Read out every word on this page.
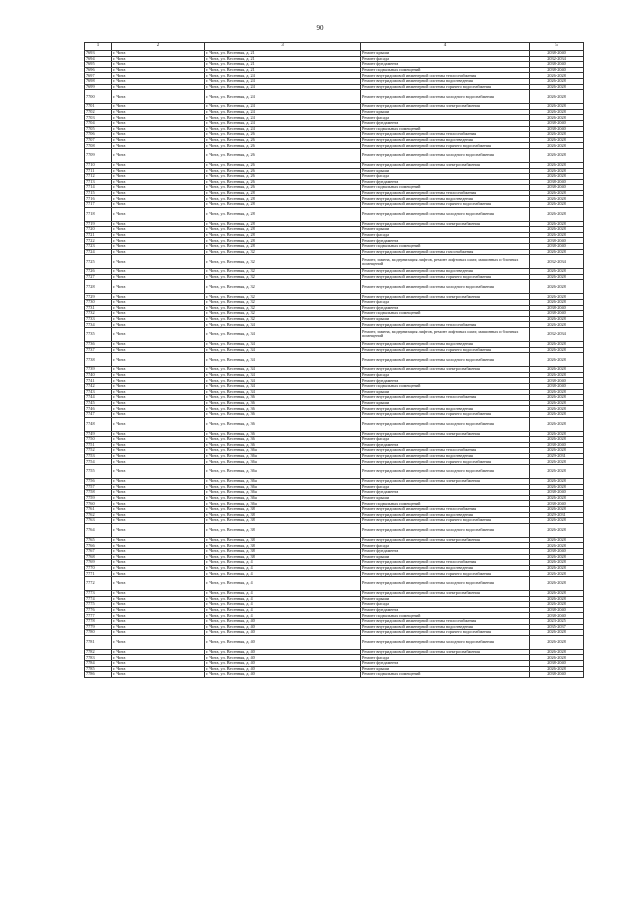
90
1	2	3	4	5
7693	г. Чита	г. Чита, ул. Весенняя, д. 21	Ремонт крыши	2038-2040
7694	г. Чита	г. Чита, ул. Весенняя, д. 21	Ремонт фасада	2032-2034
7695	г. Чита	г. Чита, ул. Весенняя, д. 21	Ремонт фундамента	2038-2040
7696	г. Чита	г. Чита, ул. Весенняя, д. 21	Ремонт подвальных помещений	2038-2040
7697	г. Чита	г. Чита, ул. Весенняя, д. 24	Ремонт внутридомовой инженерной системы теплоснабжения	2026-2028
7698	г. Чита	г. Чита, ул. Весенняя, д. 24	Ремонт внутридомовой инженерной системы водоотведения	2026-2028
7699	г. Чита	г. Чита, ул. Весенняя, д. 24	Ремонт внутридомовой инженерной системы горячего водоснабжения	2026-2028
7700	г. Чита	г. Чита, ул. Весенняя, д. 24	Ремонт внутридомовой инженерной системы холодного водоснабжения	2026-2028
7701	г. Чита	г. Чита, ул. Весенняя, д. 24	Ремонт внутридомовой инженерной системы электроснабжения	2026-2028
7702	г. Чита	г. Чита, ул. Весенняя, д. 24	Ремонт крыши	2026-2028
7703	г. Чита	г. Чита, ул. Весенняя, д. 24	Ремонт фасада	2026-2028
7704	г. Чита	г. Чита, ул. Весенняя, д. 24	Ремонт фундамента	2038-2040
7705	г. Чита	г. Чита, ул. Весенняя, д. 24	Ремонт подвальных помещений	2038-2040
7706	г. Чита	г. Чита, ул. Весенняя, д. 26	Ремонт внутридомовой инженерной системы теплоснабжения	2026-2028
7707	г. Чита	г. Чита, ул. Весенняя, д. 26	Ремонт внутридомовой инженерной системы водоотведения	2026-2028
7708	г. Чита	г. Чита, ул. Весенняя, д. 26	Ремонт внутридомовой инженерной системы горячего водоснабжения	2026-2028
7709	г. Чита	г. Чита, ул. Весенняя, д. 26	Ремонт внутридомовой инженерной системы холодного водоснабжения	2026-2028
7710	г. Чита	г. Чита, ул. Весенняя, д. 26	Ремонт внутридомовой инженерной системы электроснабжения	2026-2028
7711	г. Чита	г. Чита, ул. Весенняя, д. 26	Ремонт крыши	2026-2028
7712	г. Чита	г. Чита, ул. Весенняя, д. 26	Ремонт фасада	2026-2028
7713	г. Чита	г. Чита, ул. Весенняя, д. 26	Ремонт фундамента	2038-2040
7714	г. Чита	г. Чита, ул. Весенняя, д. 26	Ремонт подвальных помещений	2038-2040
7715	г. Чита	г. Чита, ул. Весенняя, д. 28	Ремонт внутридомовой инженерной системы теплоснабжения	2026-2028
7716	г. Чита	г. Чита, ул. Весенняя, д. 28	Ремонт внутридомовой инженерной системы водоотведения	2026-2028
7717	г. Чита	г. Чита, ул. Весенняя, д. 28	Ремонт внутридомовой инженерной системы горячего водоснабжения	2026-2028
7718	г. Чита	г. Чита, ул. Весенняя, д. 28	Ремонт внутридомовой инженерной системы холодного водоснабжения	2026-2028
7719	г. Чита	г. Чита, ул. Весенняя, д. 28	Ремонт внутридомовой инженерной системы электроснабжения	2026-2028
7720	г. Чита	г. Чита, ул. Весенняя, д. 28	Ремонт крыши	2026-2028
7721	г. Чита	г. Чита, ул. Весенняя, д. 28	Ремонт фасада	2026-2028
7722	г. Чита	г. Чита, ул. Весенняя, д. 28	Ремонт фундамента	2038-2040
7723	г. Чита	г. Чита, ул. Весенняя, д. 28	Ремонт подвальных помещений	2038-2040
7724	г. Чита	г. Чита, ул. Весенняя, д. 32	Ремонт внутридомовой инженерной системы газоснабжения	2026-2028
7725	г. Чита	г. Чита, ул. Весенняя, д. 32	Ремонт, замена, модернизация лифтов, ремонт лифтовых шахт, машинных и блочных помещений	2032-2034
7726	г. Чита	г. Чита, ул. Весенняя, д. 32	Ремонт внутридомовой инженерной системы водоотведения	2026-2028
7727	г. Чита	г. Чита, ул. Весенняя, д. 32	Ремонт внутридомовой инженерной системы горячего водоснабжения	2026-2028
7728	г. Чита	г. Чита, ул. Весенняя, д. 32	Ремонт внутридомовой инженерной системы холодного водоснабжения	2026-2028
7729	г. Чита	г. Чита, ул. Весенняя, д. 32	Ремонт внутридомовой инженерной системы электроснабжения	2026-2028
7730	г. Чита	г. Чита, ул. Весенняя, д. 32	Ремонт фасада	2026-2028
7731	г. Чита	г. Чита, ул. Весенняя, д. 32	Ремонт фундамента	2038-2040
7732	г. Чита	г. Чита, ул. Весенняя, д. 32	Ремонт подвальных помещений	2038-2040
7733	г. Чита	г. Чита, ул. Весенняя, д. 32	Ремонт крыши	2026-2028
7734	г. Чита	г. Чита, ул. Весенняя, д. 34	Ремонт внутридомовой инженерной системы теплоснабжения	2026-2028
7735	г. Чита	г. Чита, ул. Весенняя, д. 34	Ремонт, замена, модернизация лифтов, ремонт лифтовых шахт, машинных и блочных помещений	2032-2034
7736	г. Чита	г. Чита, ул. Весенняя, д. 34	Ремонт внутридомовой инженерной системы водоотведения	2026-2028
7737	г. Чита	г. Чита, ул. Весенняя, д. 34	Ремонт внутридомовой инженерной системы горячего водоснабжения	2026-2028
7738	г. Чита	г. Чита, ул. Весенняя, д. 34	Ремонт внутридомовой инженерной системы холодного водоснабжения	2026-2028
7739	г. Чита	г. Чита, ул. Весенняя, д. 34	Ремонт внутридомовой инженерной системы электроснабжения	2026-2028
7740	г. Чита	г. Чита, ул. Весенняя, д. 34	Ремонт фасада	2026-2028
7741	г. Чита	г. Чита, ул. Весенняя, д. 34	Ремонт фундамента	2038-2040
7742	г. Чита	г. Чита, ул. Весенняя, д. 34	Ремонт подвальных помещений	2038-2040
7743	г. Чита	г. Чита, ул. Весенняя, д. 34	Ремонт крыши	2026-2028
7744	г. Чита	г. Чита, ул. Весенняя, д. 36	Ремонт внутридомовой инженерной системы теплоснабжения	2026-2028
7745	г. Чита	г. Чита, ул. Весенняя, д. 36	Ремонт крыши	2026-2028
7746	г. Чита	г. Чита, ул. Весенняя, д. 36	Ремонт внутридомовой инженерной системы водоотведения	2026-2028
7747	г. Чита	г. Чита, ул. Весенняя, д. 36	Ремонт внутридомовой инженерной системы горячего водоснабжения	2026-2028
7748	г. Чита	г. Чита, ул. Весенняя, д. 36	Ремонт внутридомовой инженерной системы холодного водоснабжения	2026-2028
7749	г. Чита	г. Чита, ул. Весенняя, д. 36	Ремонт внутридомовой инженерной системы электроснабжения	2026-2028
7750	г. Чита	г. Чита, ул. Весенняя, д. 36	Ремонт фасада	2026-2028
7751	г. Чита	г. Чита, ул. Весенняя, д. 36	Ремонт фундамента	2038-2040
7752	г. Чита	г. Чита, ул. Весенняя, д. 36а	Ремонт внутридомовой инженерной системы теплоснабжения	2026-2028
7753	г. Чита	г. Чита, ул. Весенняя, д. 36а	Ремонт внутридомовой инженерной системы водоотведения	2029-2031
7754	г. Чита	г. Чита, ул. Весенняя, д. 36а	Ремонт внутридомовой инженерной системы горячего водоснабжения	2026-2028
7755	г. Чита	г. Чита, ул. Весенняя, д. 36а	Ремонт внутридомовой инженерной системы холодного водоснабжения	2026-2028
7756	г. Чита	г. Чита, ул. Весенняя, д. 36а	Ремонт внутридомовой инженерной системы электроснабжения	2026-2028
7757	г. Чита	г. Чита, ул. Весенняя, д. 36а	Ремонт фасада	2026-2028
7758	г. Чита	г. Чита, ул. Весенняя, д. 36а	Ремонт фундамента	2038-2040
7759	г. Чита	г. Чита, ул. Весенняя, д. 36а	Ремонт крыши	2026-2028
7760	г. Чита	г. Чита, ул. Весенняя, д. 36а	Ремонт подвальных помещений	2038-2040
7761	г. Чита	г. Чита, ул. Весенняя, д. 38	Ремонт внутридомовой инженерной системы теплоснабжения	2026-2028
7762	г. Чита	г. Чита, ул. Весенняя, д. 38	Ремонт внутридомовой инженерной системы водоотведения	2029-2031
7763	г. Чита	г. Чита, ул. Весенняя, д. 38	Ремонт внутридомовой инженерной системы горячего водоснабжения	2026-2028
7764	г. Чита	г. Чита, ул. Весенняя, д. 38	Ремонт внутридомовой инженерной системы холодного водоснабжения	2026-2028
7765	г. Чита	г. Чита, ул. Весенняя, д. 38	Ремонт внутридомовой инженерной системы электроснабжения	2026-2028
7766	г. Чита	г. Чита, ул. Весенняя, д. 38	Ремонт фасада	2026-2028
7767	г. Чита	г. Чита, ул. Весенняя, д. 38	Ремонт фундамента	2038-2040
7768	г. Чита	г. Чита, ул. Весенняя, д. 38	Ремонт крыши	2026-2028
7769	г. Чита	г. Чита, ул. Весенняя, д. 4	Ремонт внутридомовой инженерной системы теплоснабжения	2026-2028
7770	г. Чита	г. Чита, ул. Весенняя, д. 4	Ремонт внутридомовой инженерной системы водоотведения	2026-2028
7771	г. Чита	г. Чита, ул. Весенняя, д. 4	Ремонт внутридомовой инженерной системы горячего водоснабжения	2026-2028
7772	г. Чита	г. Чита, ул. Весенняя, д. 4	Ремонт внутридомовой инженерной системы холодного водоснабжения	2026-2028
7773	г. Чита	г. Чита, ул. Весенняя, д. 4	Ремонт внутридомовой инженерной системы электроснабжения	2026-2028
7774	г. Чита	г. Чита, ул. Весенняя, д. 4	Ремонт крыши	2026-2028
7775	г. Чита	г. Чита, ул. Весенняя, д. 4	Ремонт фасада	2026-2028
7776	г. Чита	г. Чита, ул. Весенняя, д. 4	Ремонт фундамента	2038-2040
7777	г. Чита	г. Чита, ул. Весенняя, д. 4	Ремонт подвальных помещений	2038-2040
7778	г. Чита	г. Чита, ул. Весенняя, д. 40	Ремонт внутридомовой инженерной системы теплоснабжения	2023-2025
7779	г. Чита	г. Чита, ул. Весенняя, д. 40	Ремонт внутридомовой инженерной системы водоотведения	2035-2037
7780	г. Чита	г. Чита, ул. Весенняя, д. 40	Ремонт внутридомовой инженерной системы горячего водоснабжения	2026-2028
7781	г. Чита	г. Чита, ул. Весенняя, д. 40	Ремонт внутридомовой инженерной системы холодного водоснабжения	2026-2028
7782	г. Чита	г. Чита, ул. Весенняя, д. 40	Ремонт внутридомовой инженерной системы электроснабжения	2026-2028
7783	г. Чита	г. Чита, ул. Весенняя, д. 40	Ремонт фасада	2026-2028
7784	г. Чита	г. Чита, ул. Весенняя, д. 40	Ремонт фундамента	2038-2040
7785	г. Чита	г. Чита, ул. Весенняя, д. 40	Ремонт крыши	2026-2028
7786	г. Чита	г. Чита, ул. Весенняя, д. 40	Ремонт подвальных помещений	2038-2040
